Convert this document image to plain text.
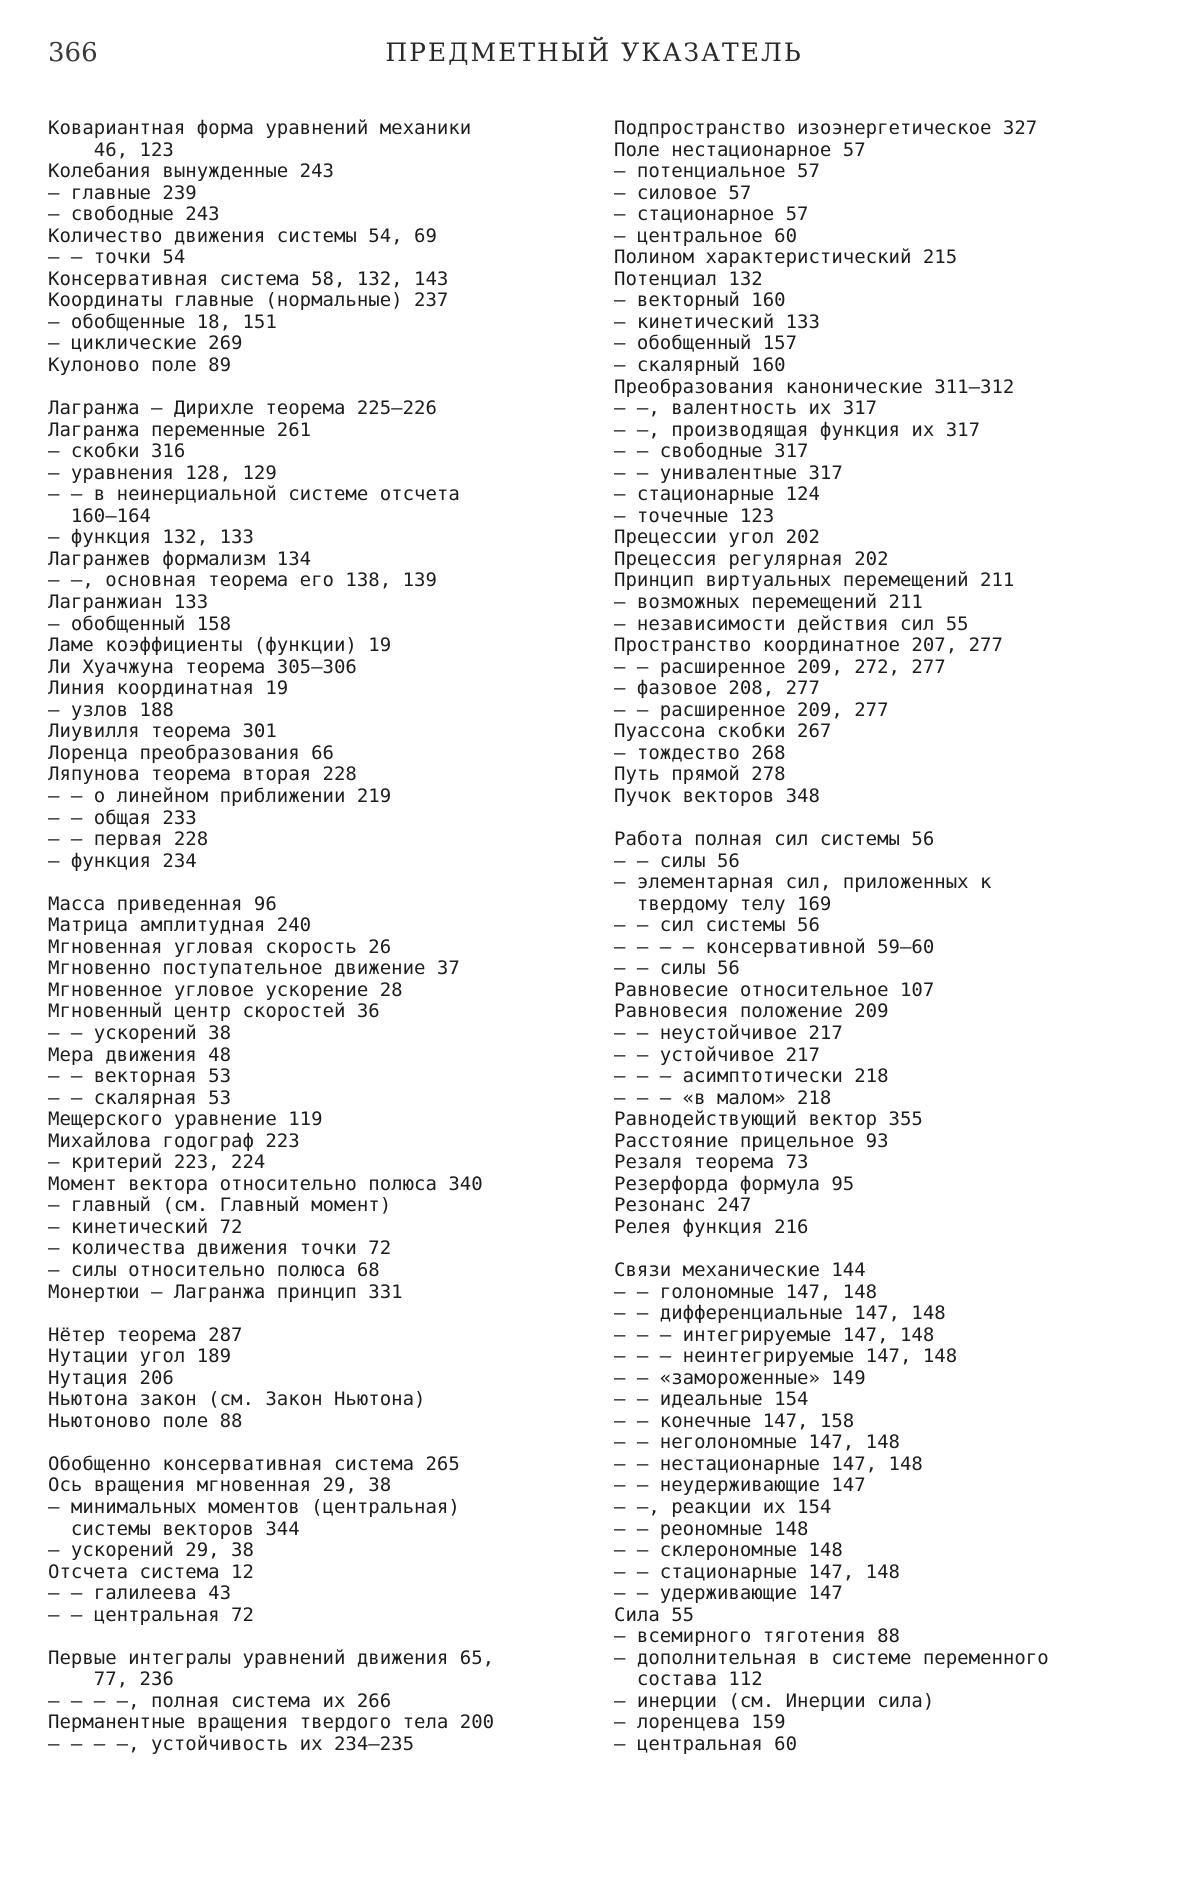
366	ПРЕДМЕТНЫЙ УКАЗАТЕЛЬ
Ковариантная форма уравнений механики
46, 123
Колебания вынужденные 243
— главные 239
— свободные 243
Количество движения системы 54, 69
— — точки 54
Консервативная система 58, 132, 143
Координаты главные (нормальные) 237
— обобщенные 18, 151
— циклические 269
Кулоново поле 89
Лагранжа — Дирихле теорема 225—226
Лагранжа переменные 261
— скобки 316
— уравнения 128, 129
— — в неинерциальной системе отсчета
160—164
— функция 132, 133
Лагранжев формализм 134
— —, основная теорема его 138, 139
Лагранжиан 133
— обобщенный 158
Ламе коэффициенты (функции) 19
Ли Хуачжуна теорема 305—306
Линия координатная 19
— узлов 188
Лиувилля теорема 301
Лоренца преобразования 66
Ляпунова теорема вторая 228
— — о линейном приближении 219
— — общая 233
— — первая 228
— функция 234
Масса приведенная 96
Матрица амплитудная 240
Мгновенная угловая скорость 26
Мгновенно поступательное движение 37
Мгновенное угловое ускорение 28
Мгновенный центр скоростей 36
— — ускорений 38
Мера движения 48
— — векторная 53
— — скалярная 53
Мещерского уравнение 119
Михайлова годограф 223
— критерий 223, 224
Момент вектора относительно полюса 340
— главный (см. Главный момент)
— кинетический 72
— количества движения точки 72
— силы относительно полюса 68
Монертюи — Лагранжа принцип 331
Нётер теорема 287
Нутации угол 189
Нутация 206
Ньютона закон (см. Закон Ньютона)
Ньютоново поле 88
Обобщенно консервативная система 265
Ось вращения мгновенная 29, 38
— минимальных моментов (центральная)
системы векторов 344
— ускорений 29, 38
Отсчета система 12
— — галилеева 43
— — центральная 72
Первые интегралы уравнений движения 65,
77, 236
— — — —, полная система их 266
Перманентные вращения твердого тела 200
— — — —, устойчивость их 234—235
Подпространство изоэнергетическое 327
Поле нестационарное 57
— потенциальное 57
— силовое 57
— стационарное 57
— центральное 60
Полином характеристический 215
Потенциал 132
— векторный 160
— кинетический 133
— обобщенный 157
— скалярный 160
Преобразования канонические 311—312
— —, валентность их 317
— —, производящая функция их 317
— — свободные 317
— — унивалентные 317
— стационарные 124
— точечные 123
Прецессии угол 202
Прецессия регулярная 202
Принцип виртуальных перемещений 211
— возможных перемещений 211
— независимости действия сил 55
Пространство координатное 207, 277
— — расширенное 209, 272, 277
— фазовое 208, 277
— — расширенное 209, 277
Пуассона скобки 267
— тождество 268
Путь прямой 278
Пучок векторов 348
Работа полная сил системы 56
— — силы 56
— элементарная сил, приложенных к
твердому телу 169
— — сил системы 56
— — — — консервативной 59—60
— — силы 56
Равновесие относительное 107
Равновесия положение 209
— — неустойчивое 217
— — устойчивое 217
— — — асимптотически 218
— — — «в малом» 218
Равнодействующий вектор 355
Расстояние прицельное 93
Резаля теорема 73
Резерфорда формула 95
Резонанс 247
Релея функция 216
Связи механические 144
— — голономные 147, 148
— — дифференциальные 147, 148
— — — интегрируемые 147, 148
— — — неинтегрируемые 147, 148
— — «замороженные» 149
— — идеальные 154
— — конечные 147, 158
— — неголономные 147, 148
— — нестационарные 147, 148
— — неудерживающие 147
— —, реакции их 154
— — реономные 148
— — склерономные 148
— — стационарные 147, 148
— — удерживающие 147
Сила 55
— всемирного тяготения 88
— дополнительная в системе переменного
состава 112
— инерции (см. Инерции сила)
— лоренцева 159
— центральная 60
